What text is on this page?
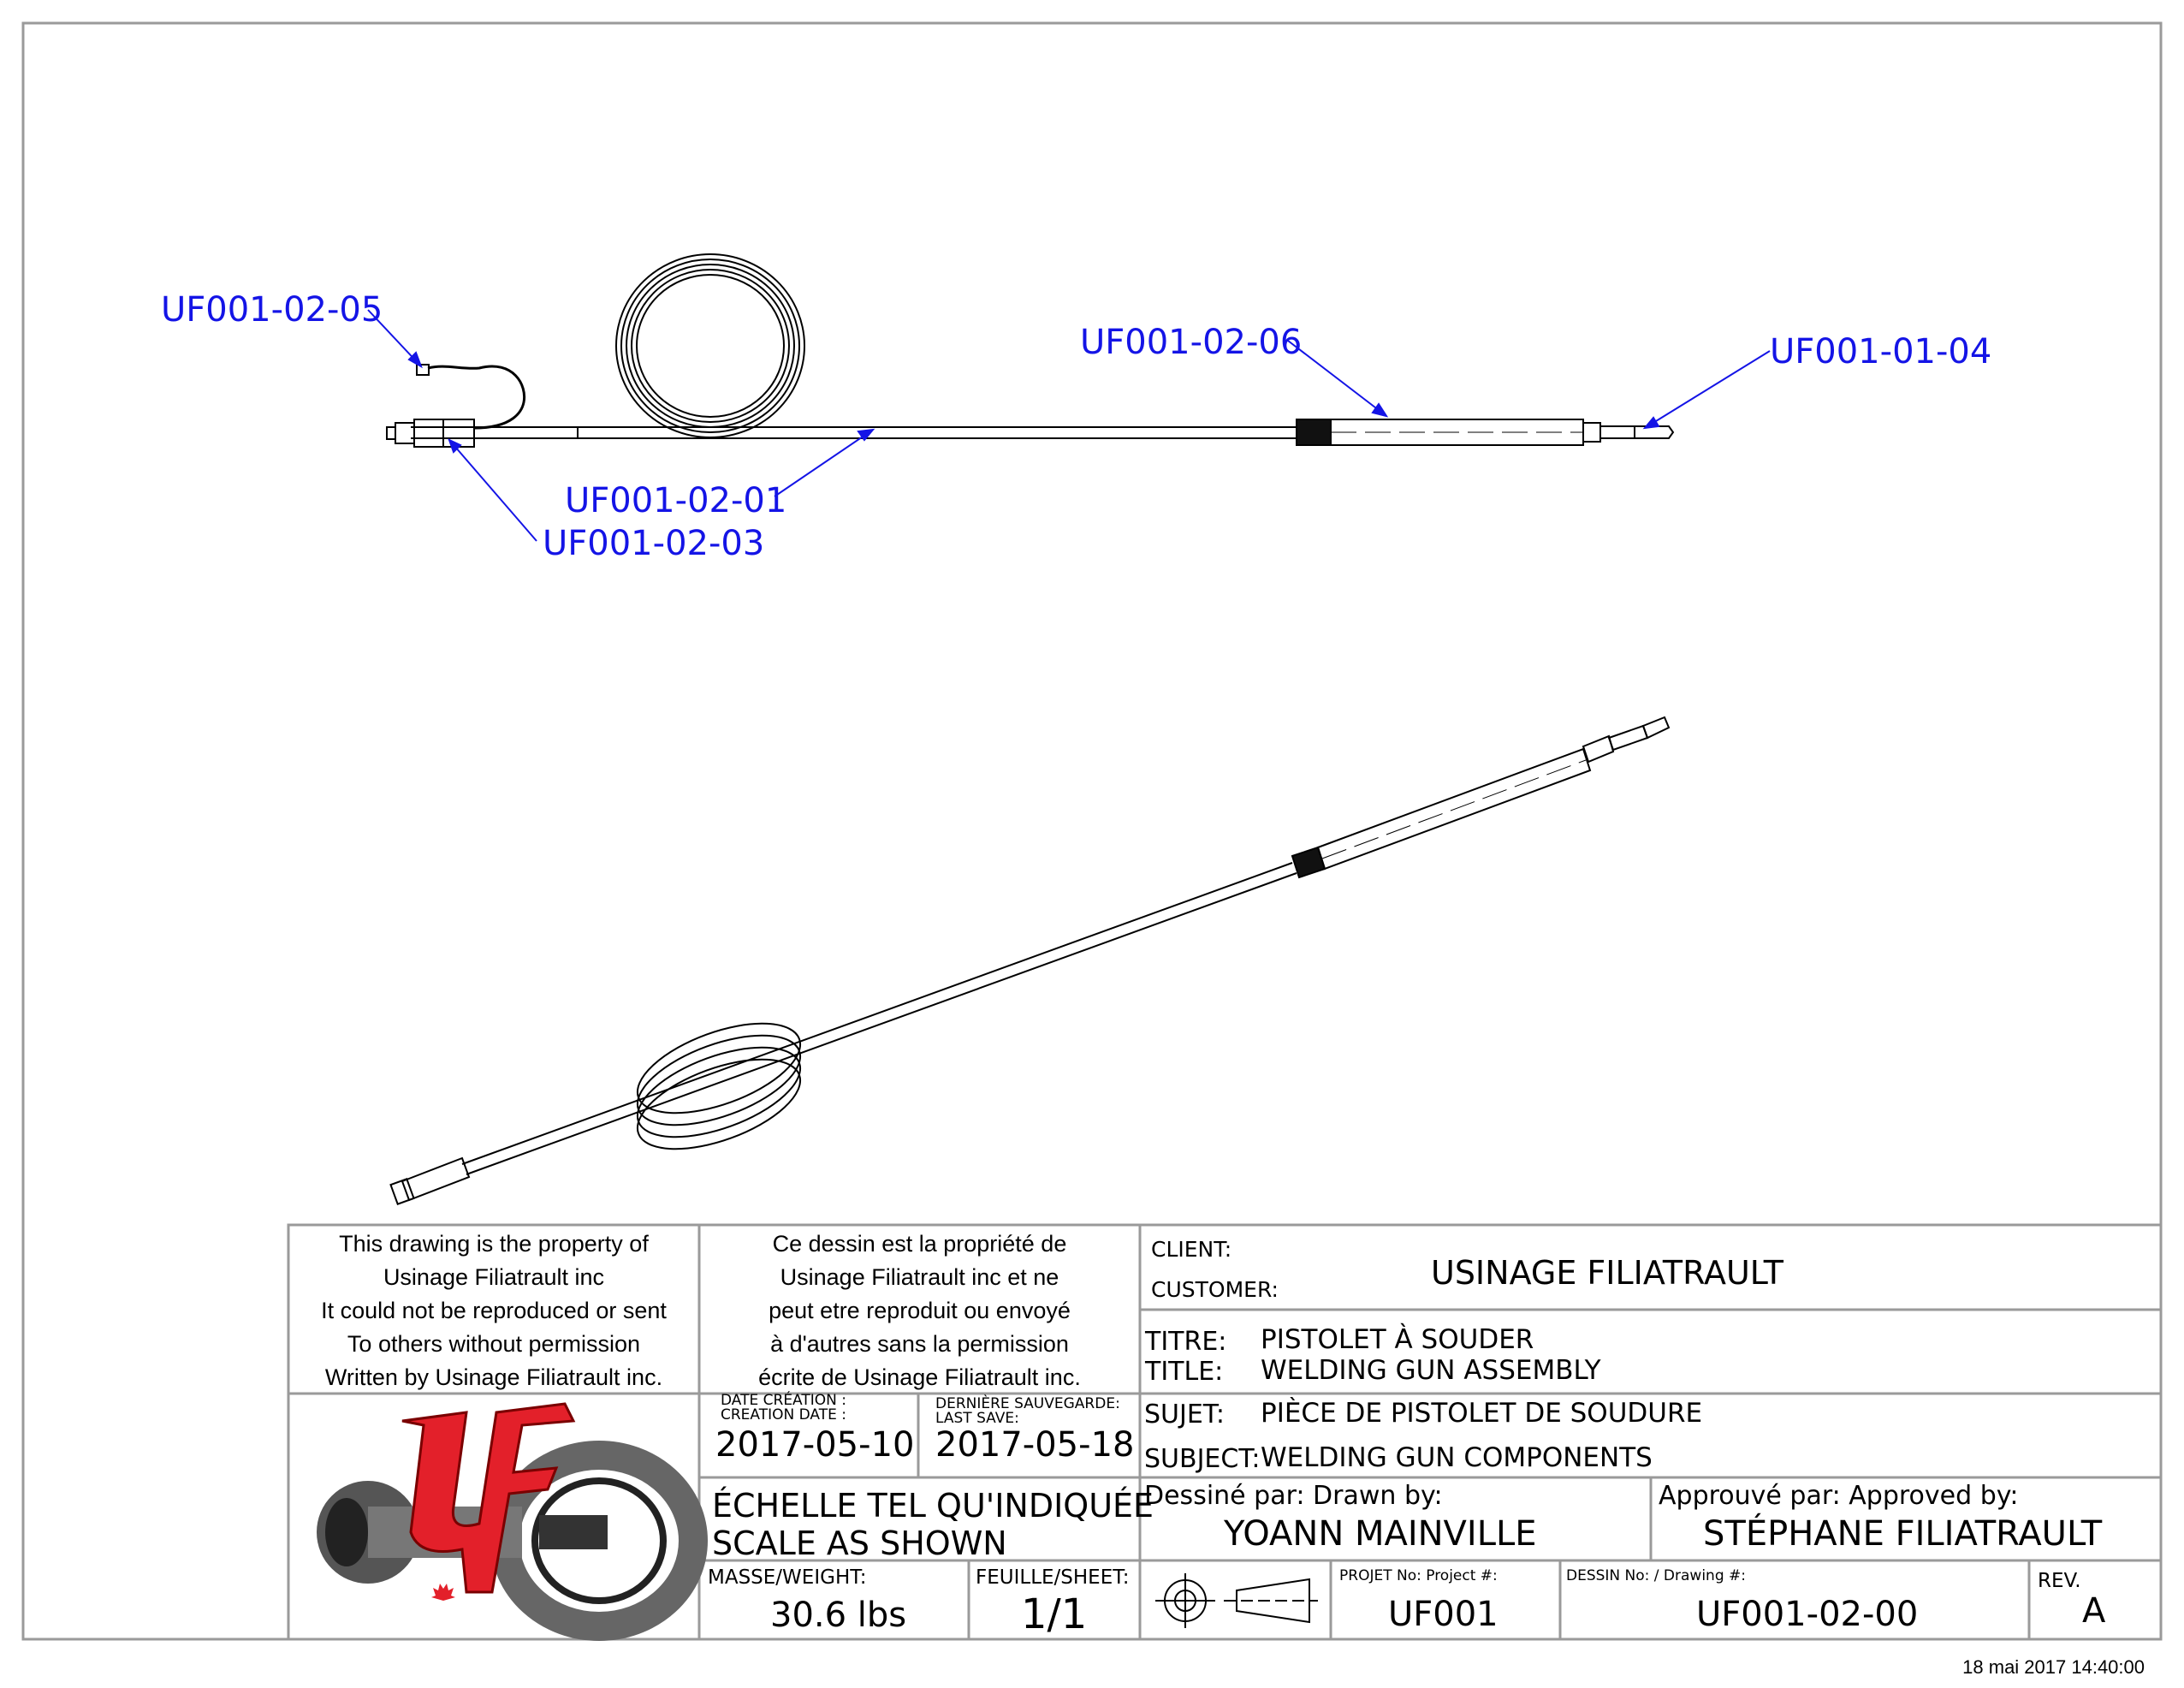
UF001-02-05
UF001-02-06	UF001-01-04
UF001-02-01
UF001-02-03
This drawing is the property of
Usinage Filiatrault inc
It could not be reproduced or sent
To others without permission
Written by Usinage Filiatrault inc.
Ce dessin est la propriété de
Usinage Filiatrault inc et ne
peut etre reproduit ou envoyé
à d'autres sans la permission
écrite de Usinage Filiatrault inc.
CLIENT:
CUSTOMER:	USINAGE FILIATRAULT
TITRE:
TITLE:
PISTOLET À SOUDER
WELDING GUN ASSEMBLY
SUJET:
SUBJECT:
PIÈCE DE PISTOLET DE SOUDURE
WELDING GUN COMPONENTS
DATE CRÉATION :
CREATION DATE :
2017-05-10
DERNIÈRE SAUVEGARDE:
LAST SAVE:
2017-05-18
ÉCHELLE TEL QU'INDIQUÉE
SCALE AS SHOWN
Dessiné par: Drawn by:
YOANN MAINVILLE
Approuvé par: Approved by:
STÉPHANE FILIATRAULT
MASSE/WEIGHT:
30.6 lbs
FEUILLE/SHEET:
1/1
PROJET No: Project #:
UF001
DESSIN No: / Drawing #:
UF001-02-00
REV.
A
18 mai 2017 14:40:00
